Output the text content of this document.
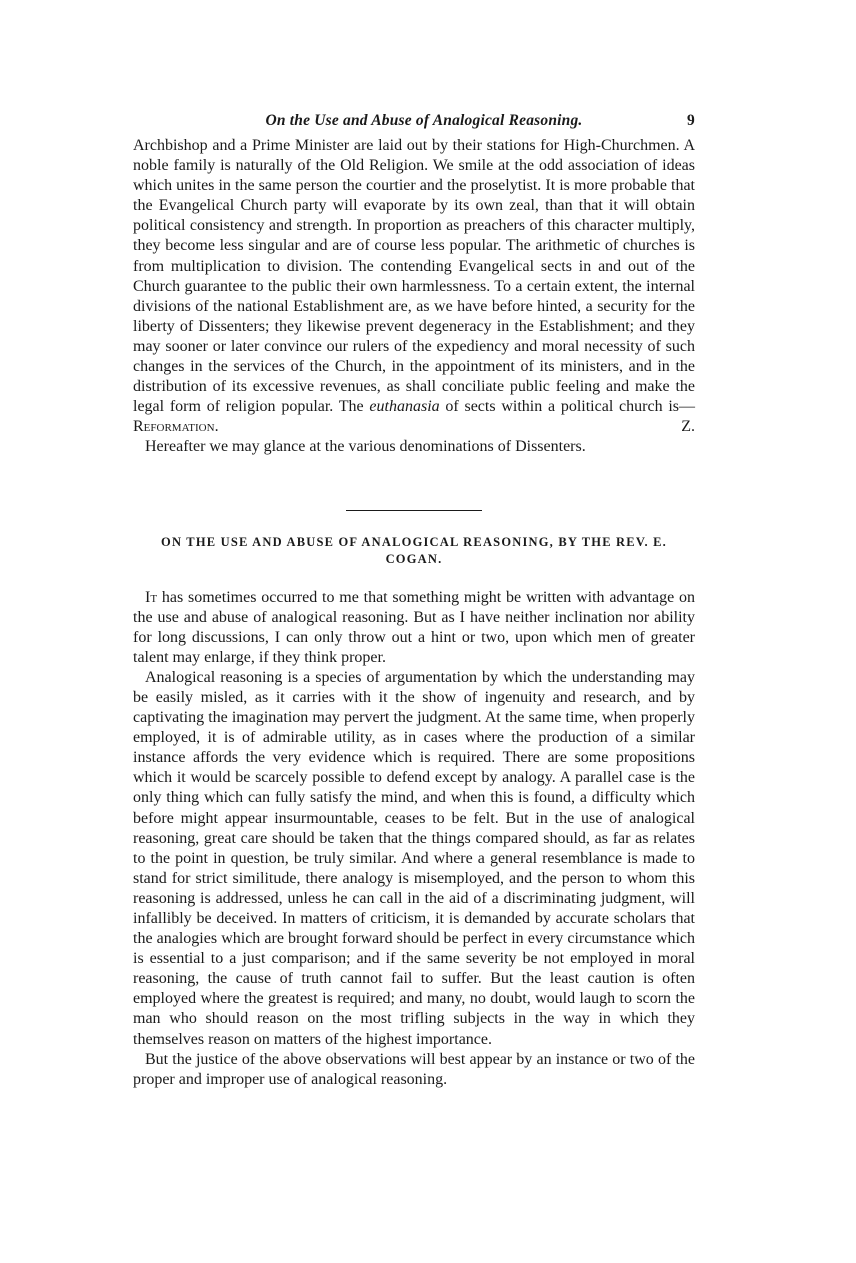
On the Use and Abuse of Analogical Reasoning.	9

Archbishop and a Prime Minister are laid out by their stations for High-Churchmen. A noble family is naturally of the Old Religion. We smile at the odd association of ideas which unites in the same person the courtier and the proselytist. It is more probable that the Evangelical Church party will evaporate by its own zeal, than that it will obtain political consistency and strength. In proportion as preachers of this character multiply, they become less singular and are of course less popular. The arithmetic of churches is from multiplication to division. The contending Evangelical sects in and out of the Church guarantee to the public their own harmlessness. To a certain extent, the internal divisions of the national Establishment are, as we have before hinted, a security for the liberty of Dissenters; they likewise prevent degeneracy in the Establishment; and they may sooner or later convince our rulers of the expediency and moral necessity of such changes in the services of the Church, in the appointment of its ministers, and in the distribution of its excessive revenues, as shall conciliate public feeling and make the legal form of religion popular. The euthanasia of sects within a political church is—Reformation.	Z.

Hereafter we may glance at the various denominations of Dissenters.

ON THE USE AND ABUSE OF ANALOGICAL REASONING, BY THE REV. E. COGAN.

It has sometimes occurred to me that something might be written with advantage on the use and abuse of analogical reasoning. But as I have neither inclination nor ability for long discussions, I can only throw out a hint or two, upon which men of greater talent may enlarge, if they think proper.

Analogical reasoning is a species of argumentation by which the understanding may be easily misled, as it carries with it the show of ingenuity and research, and by captivating the imagination may pervert the judgment. At the same time, when properly employed, it is of admirable utility, as in cases where the production of a similar instance affords the very evidence which is required. There are some propositions which it would be scarcely possible to defend except by analogy. A parallel case is the only thing which can fully satisfy the mind, and when this is found, a difficulty which before might appear insurmountable, ceases to be felt. But in the use of analogical reasoning, great care should be taken that the things compared should, as far as relates to the point in question, be truly similar. And where a general resemblance is made to stand for strict similitude, there analogy is misemployed, and the person to whom this reasoning is addressed, unless he can call in the aid of a discriminating judgment, will infallibly be deceived. In matters of criticism, it is demanded by accurate scholars that the analogies which are brought forward should be perfect in every circumstance which is essential to a just comparison; and if the same severity be not employed in moral reasoning, the cause of truth cannot fail to suffer. But the least caution is often employed where the greatest is required; and many, no doubt, would laugh to scorn the man who should reason on the most trifling subjects in the way in which they themselves reason on matters of the highest importance.

But the justice of the above observations will best appear by an instance or two of the proper and improper use of analogical reasoning.
